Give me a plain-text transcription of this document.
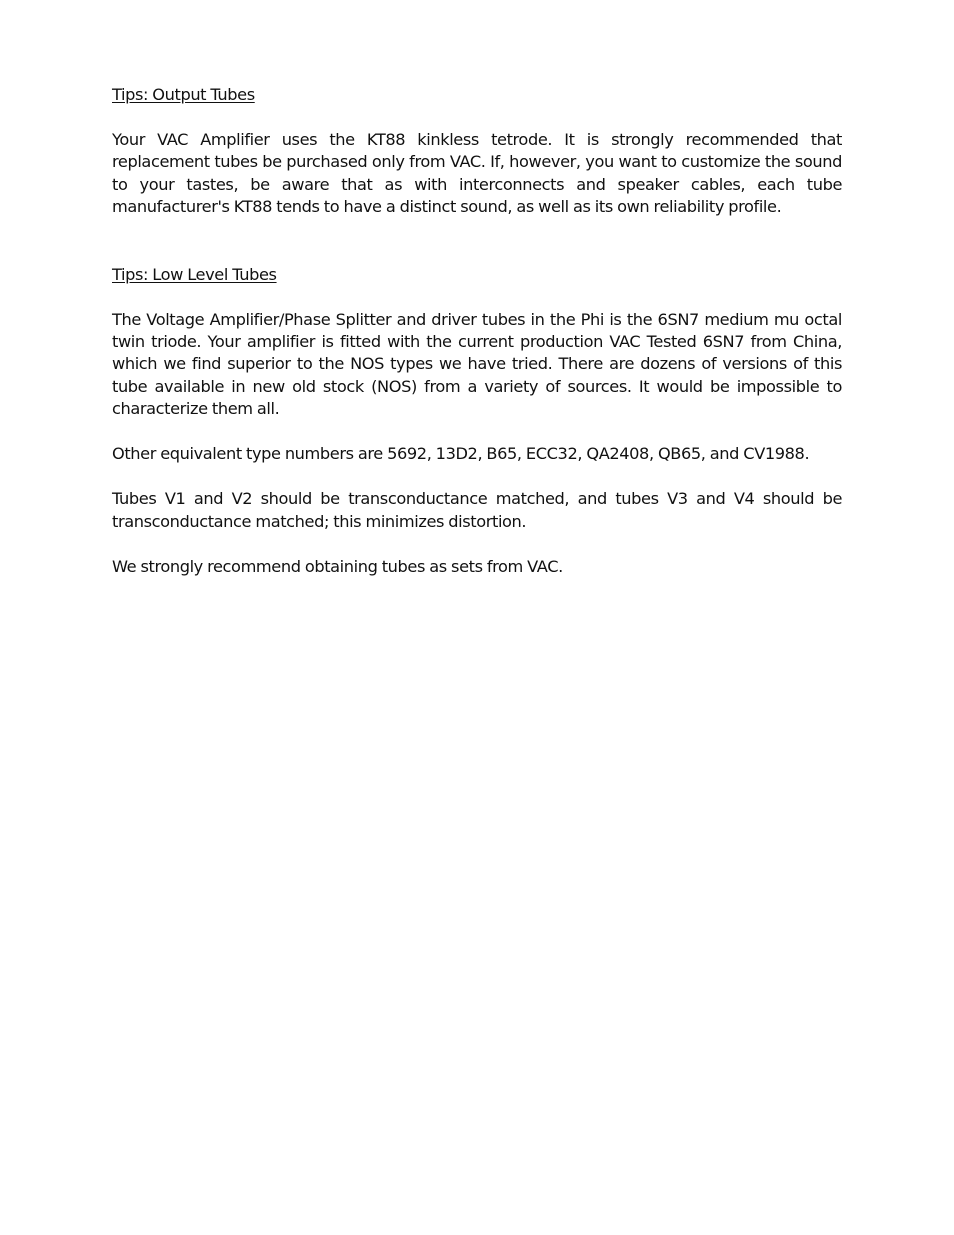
Tips: Output Tubes

Your VAC Amplifier uses the KT88 kinkless tetrode. It is strongly recommended that replacement tubes be purchased only from VAC. If, however, you want to customize the sound to your tastes, be aware that as with interconnects and speaker cables, each tube manufacturer's KT88 tends to have a distinct sound, as well as its own reliability profile.

Tips: Low Level Tubes

The Voltage Amplifier/Phase Splitter and driver tubes in the Phi is the 6SN7 medium mu octal twin triode. Your amplifier is fitted with the current production VAC Tested 6SN7 from China, which we find superior to the NOS types we have tried. There are dozens of versions of this tube available in new old stock (NOS) from a variety of sources. It would be impossible to characterize them all.

Other equivalent type numbers are 5692, 13D2, B65, ECC32, QA2408, QB65, and CV1988.

Tubes V1 and V2 should be transconductance matched, and tubes V3 and V4 should be transconductance matched; this minimizes distortion.

We strongly recommend obtaining tubes as sets from VAC.
